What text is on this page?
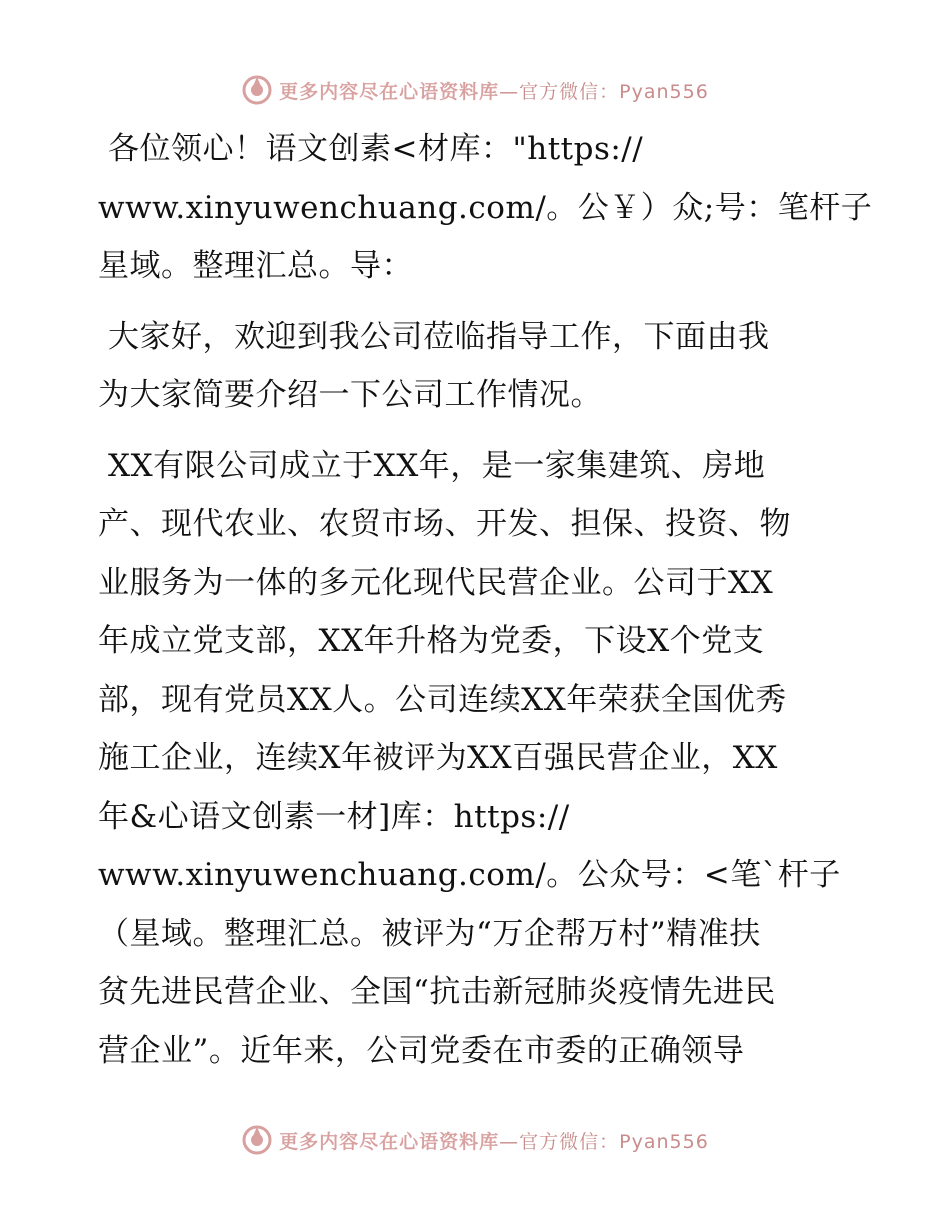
更多内容尽在心语资料库 —官方微信：Pyan556
各位领心！语文创素<材库："https://
www.xinyuwenchuang.com/。公￥）众;号：笔杆子
星域。整理汇总。导：
大家好，欢迎到我公司莅临指导工作，下面由我
为大家简要介绍一下公司工作情况。
XX有限公司成立于XX年，是一家集建筑、房地
产、现代农业、农贸市场、开发、担保、投资、物
业服务为一体的多元化现代民营企业。公司于XX
年成立党支部，XX年升格为党委，下设X个党支
部，现有党员XX人。公司连续XX年荣获全国优秀
施工企业，连续X年被评为XX百强民营企业，XX
年&心语文创素一材]库：https://
www.xinyuwenchuang.com/。公众号：<笔`杆子
（星域。整理汇总。被评为“万企帮万村”精准扶
贫先进民营企业、全国“抗击新冠肺炎疫情先进民
营企业”。近年来，公司党委在市委的正确领导
更多内容尽在心语资料库 —官方微信：Pyan556
